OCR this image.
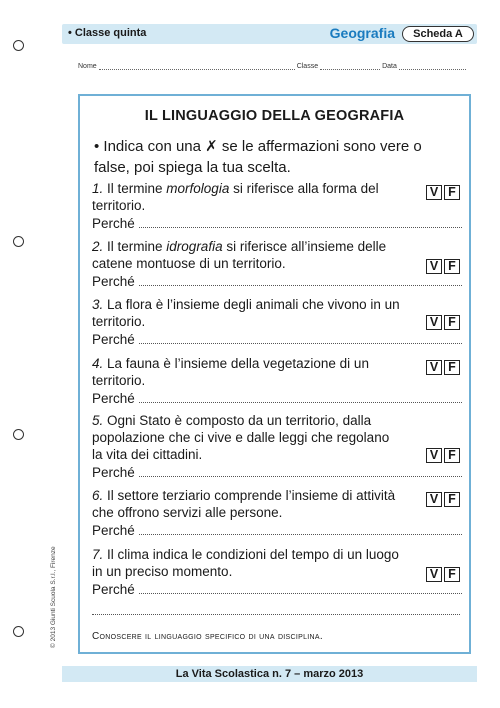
• Classe quinta	Geografia	Scheda A
Nome	Classe	Data
IL LINGUAGGIO DELLA GEOGRAFIA
• Indica con una ✗ se le affermazioni sono vere o false, poi spiega la tua scelta.
1. Il termine morfologia si riferisce alla forma del territorio.
Perché
V F
2. Il termine idrografia si riferisce all’insieme delle catene montuose di un territorio.
Perché
V F
3. La flora è l’insieme degli animali che vivono in un territorio.
Perché
V F
4. La fauna è l’insieme della vegetazione di un territorio.
Perché
V F
5. Ogni Stato è composto da un territorio, dalla popolazione che ci vive e dalle leggi che regolano la vita dei cittadini.
Perché
V F
6. Il settore terziario comprende l’insieme di attività che offrono servizi alle persone.
Perché
V F
7. Il clima indica le condizioni del tempo di un luogo in un preciso momento.
Perché
V F
Conoscere il linguaggio specifico di una disciplina.
La Vita Scolastica n. 7 – marzo 2013
© 2013 Giunti Scuola S.r.l., Firenze
